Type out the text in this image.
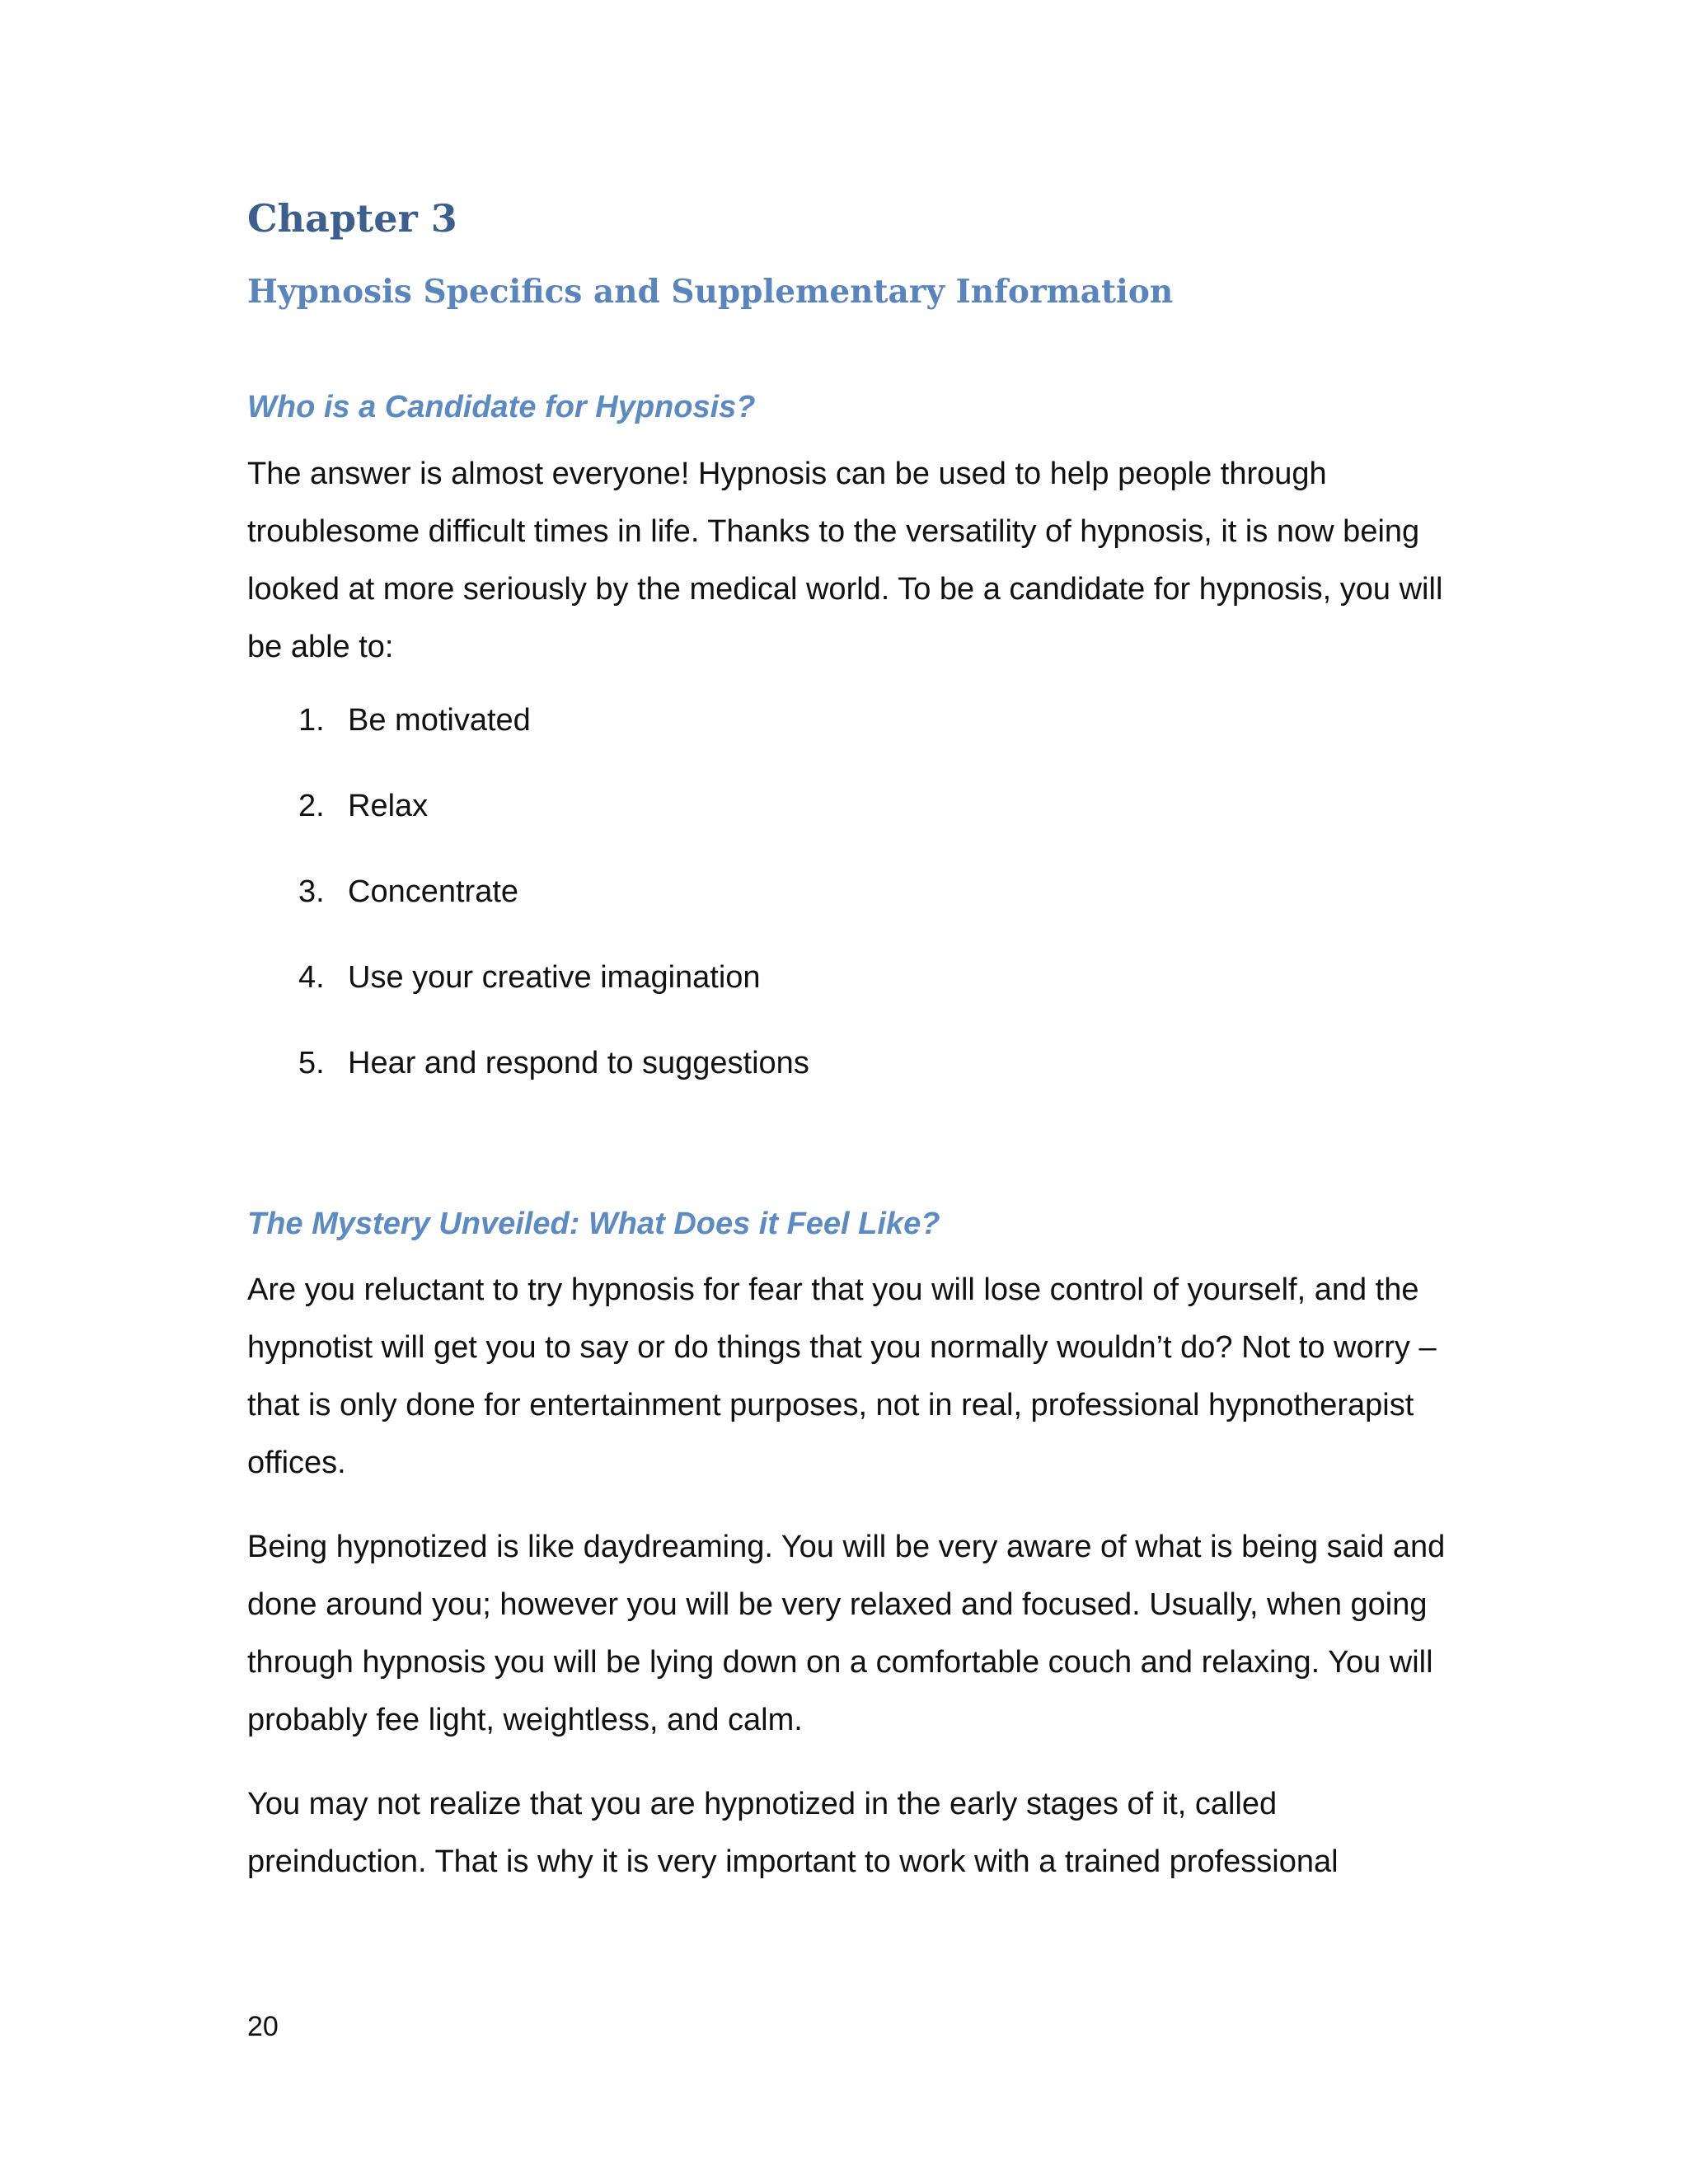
Chapter 3
Hypnosis Specifics and Supplementary Information
Who is a Candidate for Hypnosis?

The answer is almost everyone! Hypnosis can be used to help people through troublesome difficult times in life. Thanks to the versatility of hypnosis, it is now being looked at more seriously by the medical world. To be a candidate for hypnosis, you will be able to:

1. Be motivated
2. Relax
3. Concentrate
4. Use your creative imagination
5. Hear and respond to suggestions
The Mystery Unveiled: What Does it Feel Like?

Are you reluctant to try hypnosis for fear that you will lose control of yourself, and the hypnotist will get you to say or do things that you normally wouldn’t do? Not to worry – that is only done for entertainment purposes, not in real, professional hypnotherapist offices.

Being hypnotized is like daydreaming. You will be very aware of what is being said and done around you; however you will be very relaxed and focused. Usually, when going through hypnosis you will be lying down on a comfortable couch and relaxing. You will probably fee light, weightless, and calm.

You may not realize that you are hypnotized in the early stages of it, called preinduction. That is why it is very important to work with a trained professional

20
